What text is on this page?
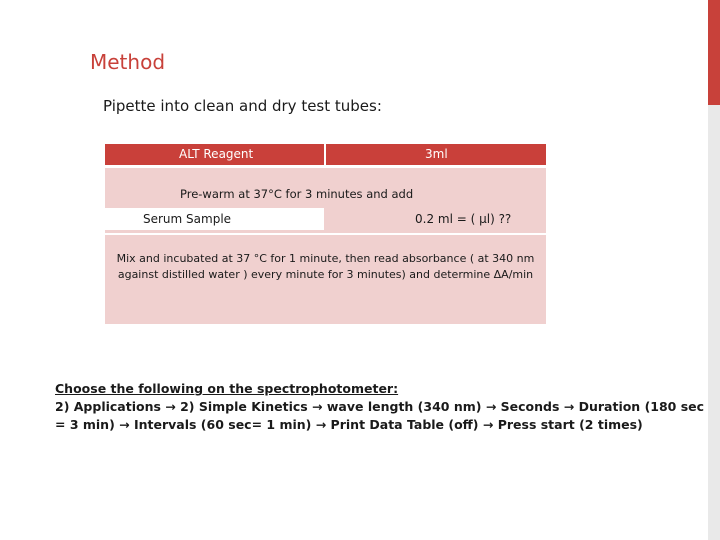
Method
Pipette into clean and dry test tubes:
ALT Reagent	3ml
Pre-warm at 37°C for 3 minutes and add
Serum Sample	0.2 ml = ( µl) ??
Mix and incubated at 37 °C for 1 minute, then read absorbance ( at 340 nm
against distilled water ) every minute for 3 minutes) and determine ΔA/min
Choose the following on the spectrophotometer:
2) Applications → 2) Simple Kinetics → wave length (340 nm) → Seconds → Duration (180 sec
= 3 min) → Intervals (60 sec= 1 min) → Print Data Table (off) → Press start (2 times)
